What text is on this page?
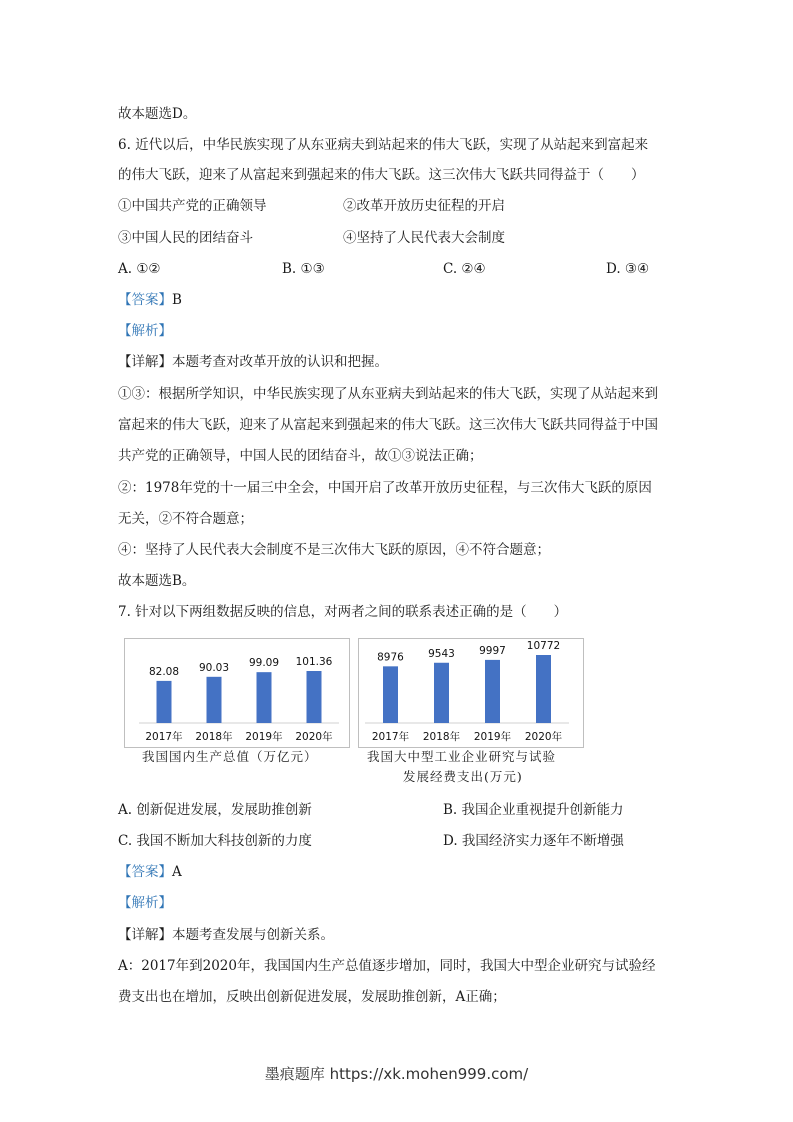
故本题选D。
6. 近代以后，中华民族实现了从东亚病夫到站起来的伟大飞跃，实现了从站起来到富起来
的伟大飞跃，迎来了从富起来到强起来的伟大飞跃。这三次伟大飞跃共同得益于（　　）
①中国共产党的正确领导	②改革开放历史征程的开启
③中国人民的团结奋斗	④坚持了人民代表大会制度
A. ①②	B. ①③	C. ②④	D. ③④
【答案】B
【解析】
【详解】本题考查对改革开放的认识和把握。
①③：根据所学知识，中华民族实现了从东亚病夫到站起来的伟大飞跃，实现了从站起来到
富起来的伟大飞跃，迎来了从富起来到强起来的伟大飞跃。这三次伟大飞跃共同得益于中国
共产党的正确领导，中国人民的团结奋斗，故①③说法正确；
②：1978年党的十一届三中全会，中国开启了改革开放历史征程，与三次伟大飞跃的原因
无关，②不符合题意；
④：坚持了人民代表大会制度不是三次伟大飞跃的原因，④不符合题意；
故本题选B。
7. 针对以下两组数据反映的信息，对两者之间的联系表述正确的是（　　）
82.08
2017年
90.03
2018年
99.09
2019年
101.36
2020年
我国国内生产总值（万亿元）
8976
2017年
9543
2018年
9997
2019年
10772
2020年
我国大中型工业企业研究与试验
发展经费支出(万元)
A. 创新促进发展，发展助推创新	B. 我国企业重视提升创新能力
C. 我国不断加大科技创新的力度	D. 我国经济实力逐年不断增强
【答案】A
【解析】
【详解】本题考查发展与创新关系。
A：2017年到2020年，我国国内生产总值逐步增加，同时，我国大中型企业研究与试验经
费支出也在增加，反映出创新促进发展，发展助推创新，A正确；
墨痕题库 https://xk.mohen999.com/
